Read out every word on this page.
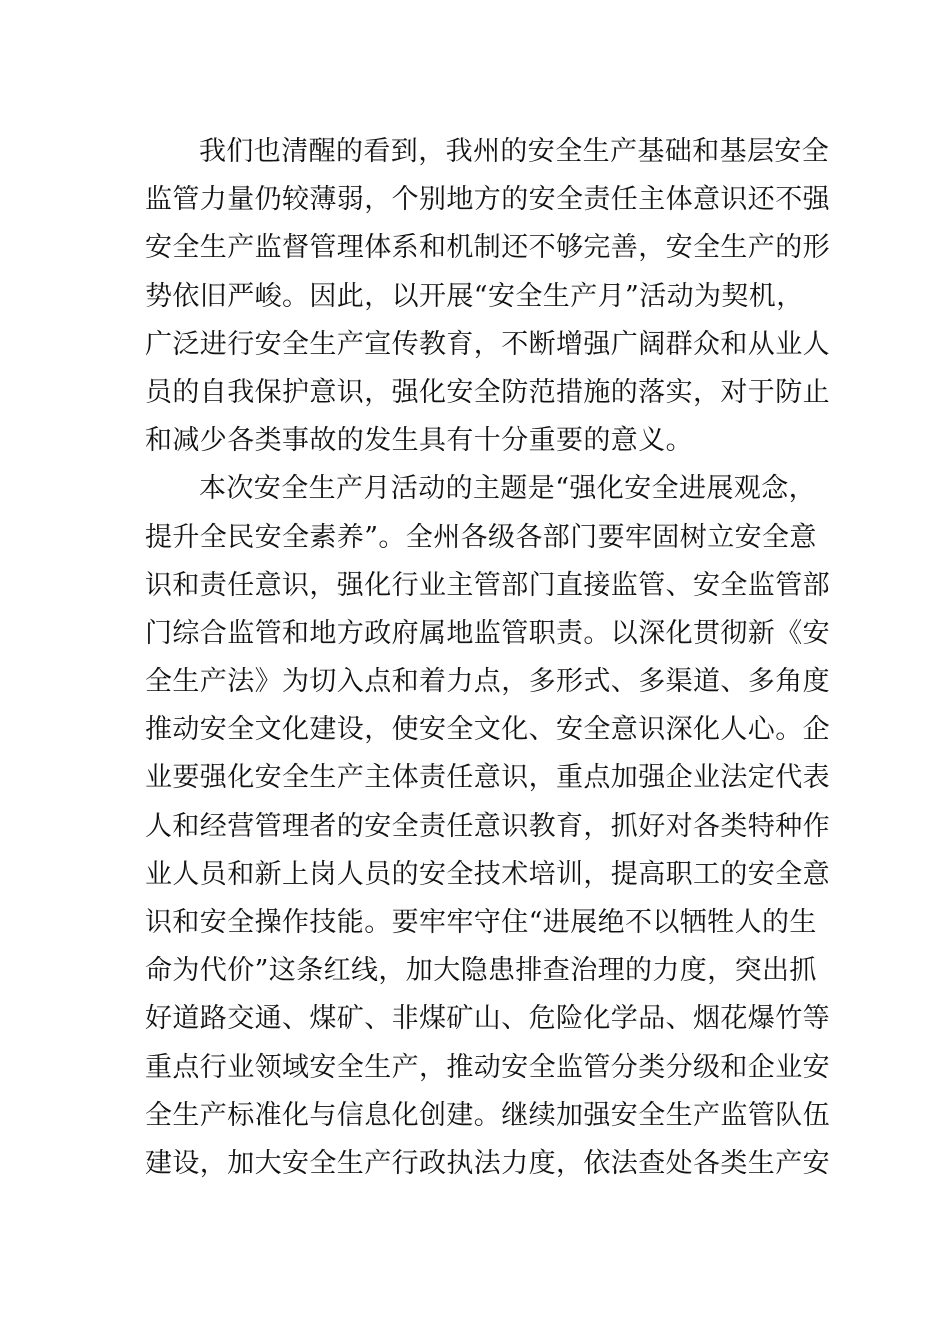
我们也清醒的看到，我州的安全生产基础和基层安全
监管力量仍较薄弱，个别地方的安全责任主体意识还不强
安全生产监督管理体系和机制还不够完善，安全生产的形
势依旧严峻。因此，以开展“安全生产月”活动为契机，
广泛进行安全生产宣传教育，不断增强广阔群众和从业人
员的自我保护意识，强化安全防范措施的落实，对于防止
和减少各类事故的发生具有十分重要的意义。
本次安全生产月活动的主题是“强化安全进展观念，
提升全民安全素养”。全州各级各部门要牢固树立安全意
识和责任意识，强化行业主管部门直接监管、安全监管部
门综合监管和地方政府属地监管职责。以深化贯彻新《安
全生产法》为切入点和着力点，多形式、多渠道、多角度
推动安全文化建设，使安全文化、安全意识深化人心。企
业要强化安全生产主体责任意识，重点加强企业法定代表
人和经营管理者的安全责任意识教育，抓好对各类特种作
业人员和新上岗人员的安全技术培训，提高职工的安全意
识和安全操作技能。要牢牢守住“进展绝不以牺牲人的生
命为代价”这条红线，加大隐患排查治理的力度，突出抓
好道路交通、煤矿、非煤矿山、危险化学品、烟花爆竹等
重点行业领域安全生产，推动安全监管分类分级和企业安
全生产标准化与信息化创建。继续加强安全生产监管队伍
建设，加大安全生产行政执法力度，依法查处各类生产安
